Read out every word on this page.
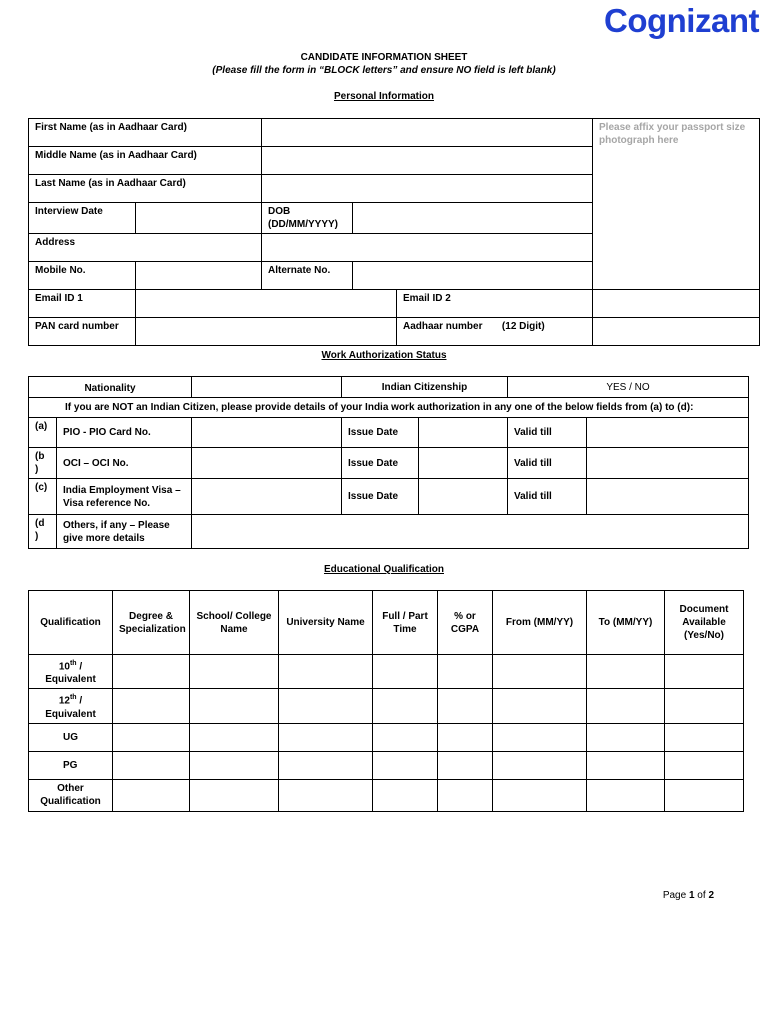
Cognizant
CANDIDATE INFORMATION SHEET
(Please fill the form in “BLOCK letters” and ensure NO field is left blank)
Personal Information
First Name (as in Aadhaar Card)					Please affix your passport size photograph here
Middle Name (as in Aadhaar Card)					
Last Name (as in Aadhaar Card)					
Interview Date		DOB
(DD/MM/YYYY)			
Address					
Mobile No.		Alternate No.			
Email ID 1				Email ID 2	
PAN card number				Aadhaar number (12 Digit)	
Work Authorization Status
Nationality			Indian Citizenship		YES / NO	
If you are NOT an Indian Citizen, please provide details of your India work authorization in any one of the below fields from (a) to (d):						
(a)	PIO - PIO Card No.		Issue Date		Valid till	
(b )	OCI – OCI No.		Issue Date		Valid till	
(c)	India Employment Visa – Visa reference No.		Issue Date		Valid till	
(d )	Others, if any – Please give more details					
Educational Qualification
Qualification	Degree & Specialization	School/ College Name	University Name	Full / Part Time	% or CGPA	From (MM/YY)	To (MM/YY)	Document Available (Yes/No)
10th / Equivalent								
12th / Equivalent								
UG								
PG								
Other Qualification								
Page 1 of 2
